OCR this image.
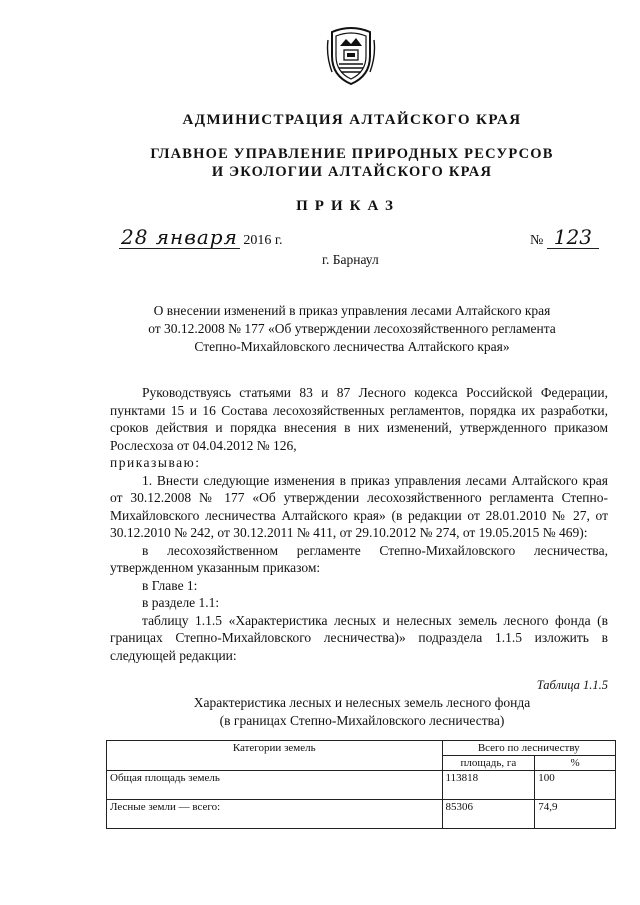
АДМИНИСТРАЦИЯ АЛТАЙСКОГО КРАЯ
ГЛАВНОЕ УПРАВЛЕНИЕ ПРИРОДНЫХ РЕСУРСОВ
И ЭКОЛОГИИ АЛТАЙСКОГО КРАЯ
ПРИКАЗ
28 января 2016 г.	№ 123
г. Барнаул
О внесении изменений в приказ управления лесами Алтайского края
от 30.12.2008 № 177 «Об утверждении лесохозяйственного регламента
Степно-Михайловского лесничества Алтайского края»

Руководствуясь статьями 83 и 87 Лесного кодекса Российской Федерации, пунктами 15 и 16 Состава лесохозяйственных регламентов, порядка их разработки, сроков действия и порядка внесения в них изменений, утвержденного приказом Рослесхоза от 04.04.2012 № 126,
приказываю:

1. Внести следующие изменения в приказ управления лесами Алтайского края от 30.12.2008 № 177 «Об утверждении лесохозяйственного регламента Степно-Михайловского лесничества Алтайского края» (в редакции от 28.01.2010 № 27, от 30.12.2010 № 242, от 30.12.2011 № 411, от 29.10.2012 № 274, от 19.05.2015 № 469):

в лесохозяйственном регламенте Степно-Михайловского лесничества, утвержденном указанным приказом:

в Главе 1:

в разделе 1.1:

таблицу 1.1.5 «Характеристика лесных и нелесных земель лесного фонда (в границах Степно-Михайловского лесничества)» подраздела 1.1.5 изложить в следующей редакции:

Таблица 1.1.5
Характеристика лесных и нелесных земель лесного фонда
(в границах Степно-Михайловского лесничества)
Категории земель	Всего по лесничеству	
	площадь, га	%
Общая площадь земель	113818	100
Лесные земли — всего:	85306	74,9
